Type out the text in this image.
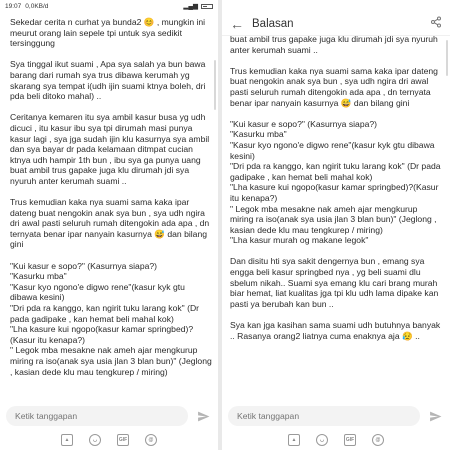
19:07 0,0KB/d	▂▄▆

Sekedar cerita n curhat ya bunda2 😊 , mungkin ini meurut orang lain sepele tpi untuk sya sedikit tersinggung

Sya tinggal ikut suami , Apa sya salah ya bun bawa barang dari rumah sya trus dibawa kerumah yg skarang sya tempat i(udh ijin suami ktnya boleh, dri pda beli ditoko mahal) ..

Ceritanya kemaren itu sya ambil kasur busa yg udh dicuci , itu kasur ibu sya tpi dirumah masi punya kasur lagi , sya jga sudah ijin klu kasurnya sya ambil dan sya bayar dr pada kelamaan ditmpat cucian ktnya udh hampir 1th bun , ibu sya ga punya uang buat ambil trus gapake juga klu dirumah jdi sya nyuruh anter kerumah suami ..

Trus kemudian kaka nya suami sama kaka ipar dateng buat nengokin anak sya bun , sya udh ngira dri awal pasti seluruh rumah ditengokin ada apa , dn ternyata benar ipar nanyain kasurnya 😅 dan bilang gini

"Kui kasur e sopo?" (Kasurnya siapa?)
"Kasurku mba"
"Kasur kyo ngono'e digwo rene"(kasur kyk gtu dibawa kesini)
"Dri pda ra kanggo, kan ngirit tuku larang kok" (Dr pada gadipake , kan hemat beli mahal kok)
"Lha kasure kui ngopo(kasur kamar springbed)?(Kasur itu kenapa?)
" Legok mba mesakne nak ameh ajar mengkurup miring ra iso(anak sya usia jlan 3 blan bun)" (Jeglong , kasian dede klu mau tengkurep / miring)

Ketik tanggapan
▲	◡	GIF	@
← Balasan

buat ambil trus gapake juga klu dirumah jdi sya nyuruh anter kerumah suami ..

Trus kemudian kaka nya suami sama kaka ipar dateng buat nengokin anak sya bun , sya udh ngira dri awal pasti seluruh rumah ditengokin ada apa , dn ternyata benar ipar nanyain kasurnya 😅 dan bilang gini

"Kui kasur e sopo?" (Kasurnya siapa?)
"Kasurku mba"
"Kasur kyo ngono'e digwo rene"(kasur kyk gtu dibawa kesini)
"Dri pda ra kanggo, kan ngirit tuku larang kok" (Dr pada gadipake , kan hemat beli mahal kok)
"Lha kasure kui ngopo(kasur kamar springbed)?(Kasur itu kenapa?)
" Legok mba mesakne nak ameh ajar mengkurup miring ra iso(anak sya usia jlan 3 blan bun)" (Jeglong , kasian dede klu mau tengkurep / miring)
"Lha kasur murah og makane legok"

Dan disitu hti sya sakit dengernya bun , emang sya engga beli kasur springbed nya , yg beli suami dlu sbelum nikah.. Suami sya emang klu cari brang murah biar hemat, liat kualitas jga tpi klu udh lama dipake kan pasti ya berubah kan bun ..

Sya kan jga kasihan sama suami udh butuhnya banyak .. Rasanya orang2 liatnya cuma enaknya aja 😥 ..

Ketik tanggapan
▲	◡	GIF	@
